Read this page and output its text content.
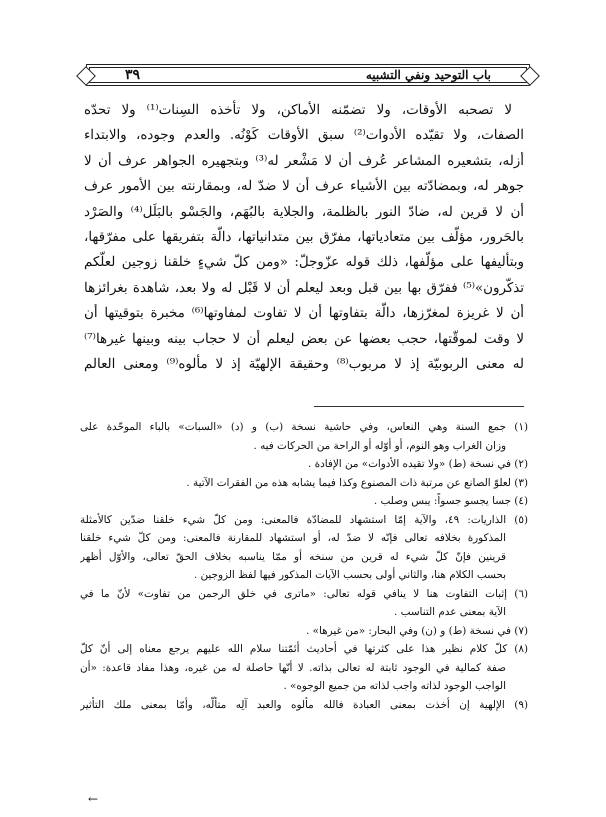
٣٩	باب التوحيد ونفي التشبيه
لا تصحبه الأوقات، ولا تضمّنه الأماكن، ولا تأخذه السِنات⁽¹⁾ ولا تحدّه
الصفات، ولا تقيّده الأدوات⁽²⁾ سبق الأوقات كَوْنُه. والعدم وجوده، والابتداء
أزله، بتشعيره المشاعر عُرف أن لا مَشْعر له⁽³⁾ وبتجهيره الجواهر عرف أن لا
جوهر له، وبمضادّته بين الأشياء عرف أن لا ضدّ له، وبمقارنته بين الأمور عرف
أن لا قرين له، ضادّ النور بالظلمة، والجلاية بالبُهَم، والجَسْو بالبَلَل⁽⁴⁾ والصَرْد
بالحَرور، مؤلّف بين متعادياتها، مفرّق بين متدانياتها، دالّة بتفريقها على مفرّقها،
وبتأليفها على مؤلّفها، ذلك قوله عزّوجلّ: «ومن كلّ شيءٍ خلقنا زوجين لعلّكم
تذكّرون»⁽⁵⁾ ففرّق بها بين قبل وبعد ليعلم أن لا قَبْل له ولا بعد، شاهدة بغرائزها
أن لا غريزة لمغرّزها، دالّة بتفاوتها أن لا تفاوت لمفاوتها⁽⁶⁾ مخبرة بتوقيتها أن
لا وقت لموقّتها، حجب بعضها عن بعض ليعلم أن لا حجاب بينه وبينها غيرها⁽⁷⁾
له معنى الربوبيّة إذ لا مربوب⁽⁸⁾ وحقيقة الإلهيّة إذ لا مألوه⁽⁹⁾ ومعنى العالم
(١) جمع السنة وهي النعاس، وفي حاشية نسخة (ب) و (د) «السبات» بالباء الموحّدة على
وزان الغراب وهو النوم، أو أوّله أو الراحة من الحركات فيه .
(٢) في نسخة (ط) «ولا تقيده الأدوات» من الإفادة .
(٣) لعلوّ الصانع عن مرتبة ذات المصنوع وكذا فيما يشابه هذه من الفقرات الآتية .
(٤) جسا يجسو جسواً: يبس وصلب .
(٥) الذاريات: ٤٩، والآية إمّا استشهاد للمضادّة فالمعنى: ومن كلّ شيء خلقنا ضدّين كالأمثلة
المذكورة بخلافه تعالى فإنّه لا ضدّ له، أو استشهاد للمقارنة فالمعنى: ومن كلّ شيء خلقنا
قرينين فإنّ كلّ شيء له قرين من سنخه أو ممّا يناسبه بخلاف الحقّ تعالى، والأوّل أظهر
بحسب الكلام هنا، والثاني أولى بحسب الآيات المذكور فيها لفظ الزوجين .
(٦) إثبات التفاوت هنا لا ينافي قوله تعالى: «ماترى في خلق الرحمن من تفاوت» لأنّ ما في
الآية بمعنى عدم التناسب .
(٧) في نسخة (ط) و (ن) وفي البحار: «من غيرها» .
(٨) كلّ كلام نظير هذا على كثرتها في أحاديث أئمّتنا سلام الله عليهم يرجع معناه إلى أنّ كلّ
صفة كمالية في الوجود ثابتة له تعالى بذاته. لا أنّها حاصلة له من غيره، وهذا مفاد قاعدة: «أن
الواجب الوجود لذاته واجب لذاته من جميع الوجوه» .
(٩) الإلهية إن أخذت بمعنى العبادة فالله مألوه والعبد آلِه متألّه، وأمّا بمعنى ملك التأثير
←
